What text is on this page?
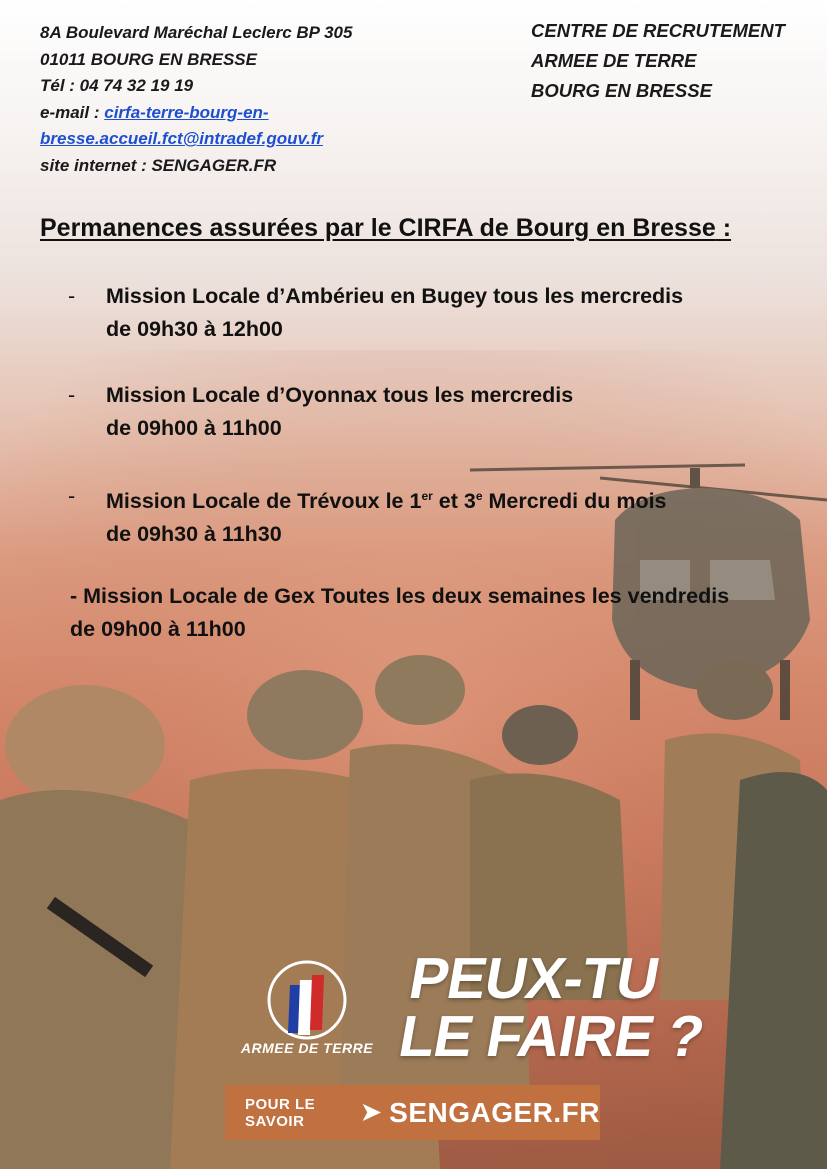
8A Boulevard Maréchal Leclerc BP 305
01011 BOURG EN BRESSE
Tél : 04 74 32 19 19
e-mail : cirfa-terre-bourg-en-
bresse.accueil.fct@intradef.gouv.fr
site internet : SENGAGER.FR
CENTRE DE RECRUTEMENT
ARMEE DE TERRE
BOURG EN BRESSE
Permanences assurées par le CIRFA de Bourg en Bresse :
- Mission Locale d’Ambérieu en Bugey tous les mercredis
de 09h30 à 12h00
- Mission Locale d’Oyonnax tous les mercredis
de 09h00 à 11h00
- Mission Locale de Trévoux le 1er et 3e Mercredi du mois
de 09h30 à 11h30
- Mission Locale de Gex Toutes les deux semaines les vendredis
de 09h00 à 11h00
ARMEE DE TERRE
PEUX-TU
LE FAIRE ?
POUR LE SAVOIR	➤ SENGAGER.FR
